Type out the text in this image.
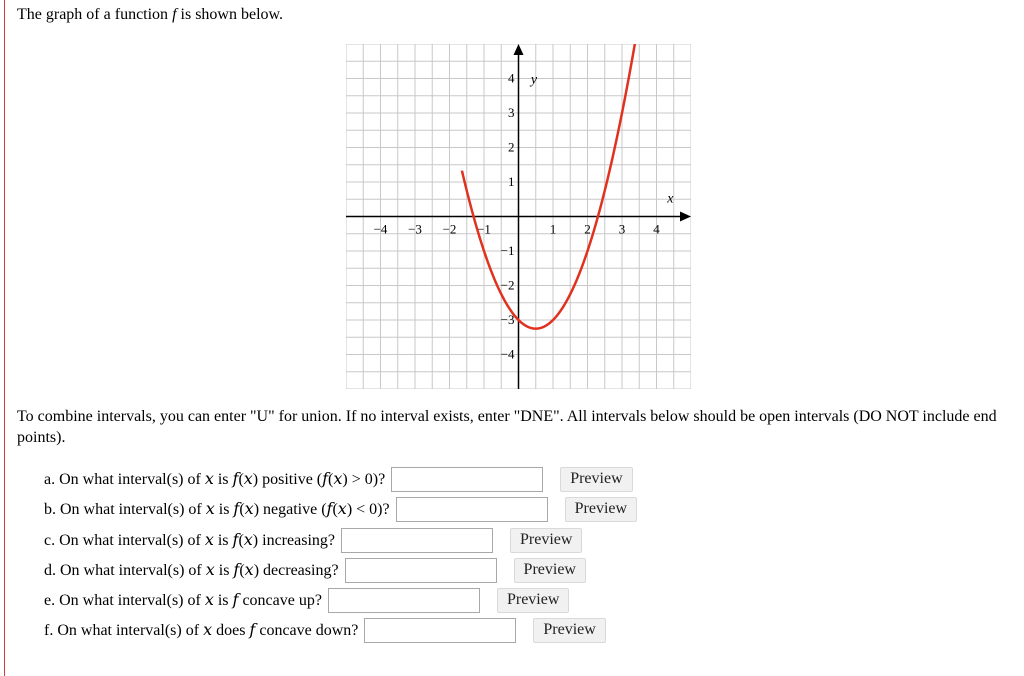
The graph of a function f is shown below.
−4 −3 −2 −1	1 2 3 4
4
3
2
1
−1
−2
−3
−4
x
y
To combine intervals, you can enter "U" for union. If no interval exists, enter "DNE". All intervals below should be open intervals (DO NOT include end points).
a. On what interval(s) of 𝑥 is 𝑓(𝑥) positive (𝑓(𝑥) > 0)?	Preview
b. On what interval(s) of 𝑥 is 𝑓(𝑥) negative (𝑓(𝑥) < 0)?	Preview
c. On what interval(s) of 𝑥 is 𝑓(𝑥) increasing?	Preview
d. On what interval(s) of 𝑥 is 𝑓(𝑥) decreasing?	Preview
e. On what interval(s) of 𝑥 is 𝑓 concave up?	Preview
f. On what interval(s) of 𝑥 does 𝑓 concave down?	Preview
